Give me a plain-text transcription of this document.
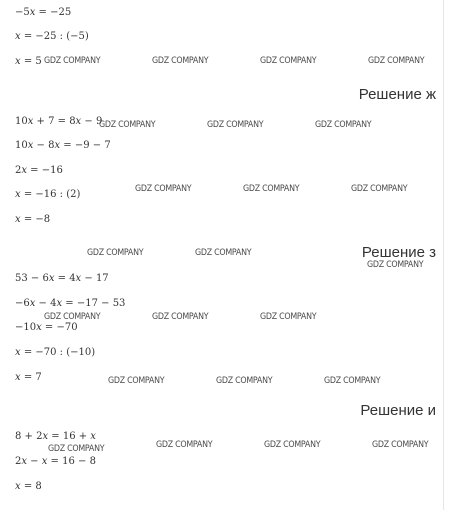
−5𝑥 = −25
𝑥 = −25 : (−5)
𝑥 = 5 GDZ COMPANY	GDZ COMPANY	GDZ COMPANY	GDZ COMPANY
Решение ж
10𝑥 + 7 = 8𝑥 − 9
GDZ COMPANY	GDZ COMPANY	GDZ COMPANY
10𝑥 − 8𝑥 = −9 − 7
2𝑥 = −16
𝑥 = −16 : (2)	GDZ COMPANY	GDZ COMPANY	GDZ COMPANY
𝑥 = −8
GDZ COMPANY	GDZ COMPANY	Решение з
GDZ COMPANY
53 − 6𝑥 = 4𝑥 − 17
−6𝑥 − 4𝑥 = −17 − 53
GDZ COMPANY	GDZ COMPANY	GDZ COMPANY
−10𝑥 = −70
𝑥 = −70 : (−10)
𝑥 = 7	GDZ COMPANY	GDZ COMPANY	GDZ COMPANY
Решение и
8 + 2𝑥 = 16 + 𝑥
GDZ COMPANY	GDZ COMPANY	GDZ COMPANY	GDZ COMPANY
2𝑥 − 𝑥 = 16 − 8
𝑥 = 8
